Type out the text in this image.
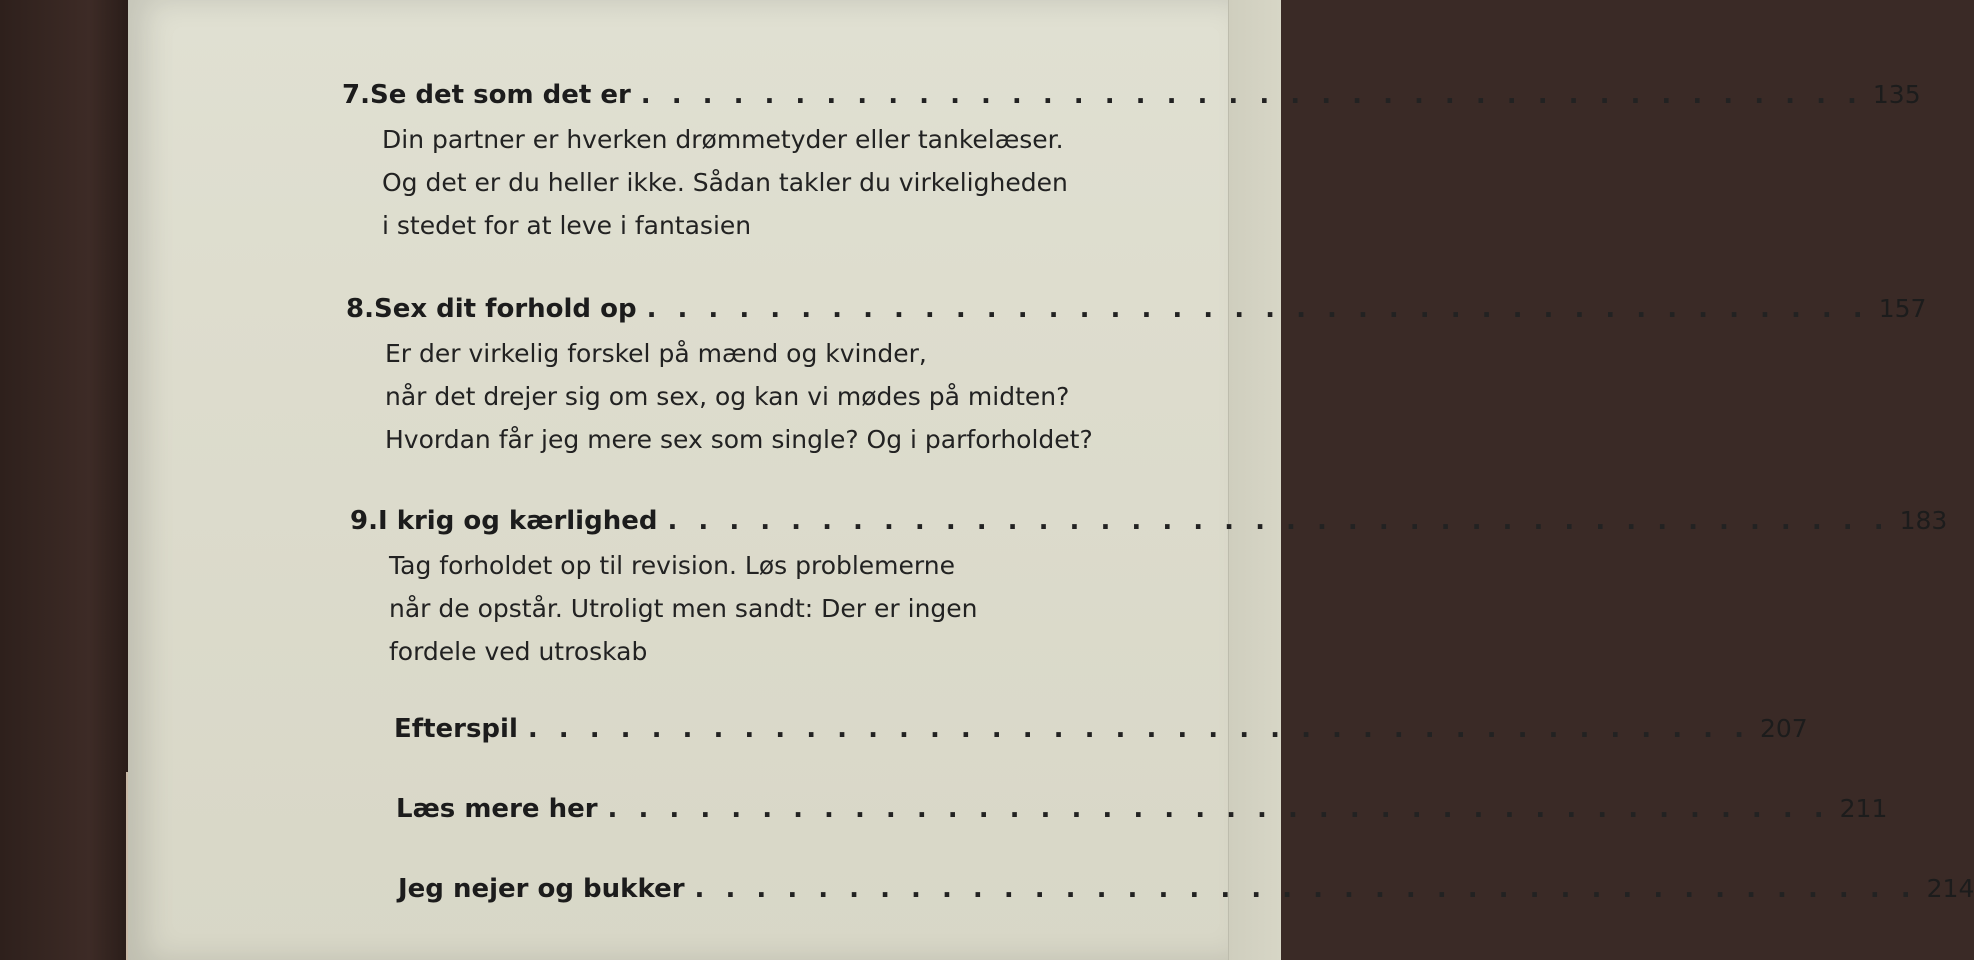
7. Se det som det er . . . . . . . . . . . . . . . . . . . . . . . . . . . . . . . . . . . . . . . . 135
Din partner er hverken drømmetyder eller tankelæser.
Og det er du heller ikke. Sådan takler du virkeligheden
i stedet for at leve i fantasien
8. Sex dit forhold op . . . . . . . . . . . . . . . . . . . . . . . . . . . . . . . . . . . . . . . . 157
Er der virkelig forskel på mænd og kvinder,
når det drejer sig om sex, og kan vi mødes på midten?
Hvordan får jeg mere sex som single? Og i parforholdet?
9. I krig og kærlighed . . . . . . . . . . . . . . . . . . . . . . . . . . . . . . . . . . . . . . . . 183
Tag forholdet op til revision. Løs problemerne
når de opstår. Utroligt men sandt: Der er ingen
fordele ved utroskab
Efterspil . . . . . . . . . . . . . . . . . . . . . . . . . . . . . . . . . . . . . . . . 207
Læs mere her . . . . . . . . . . . . . . . . . . . . . . . . . . . . . . . . . . . . . . . . 211
Jeg nejer og bukker . . . . . . . . . . . . . . . . . . . . . . . . . . . . . . . . . . . . . . . . 214
